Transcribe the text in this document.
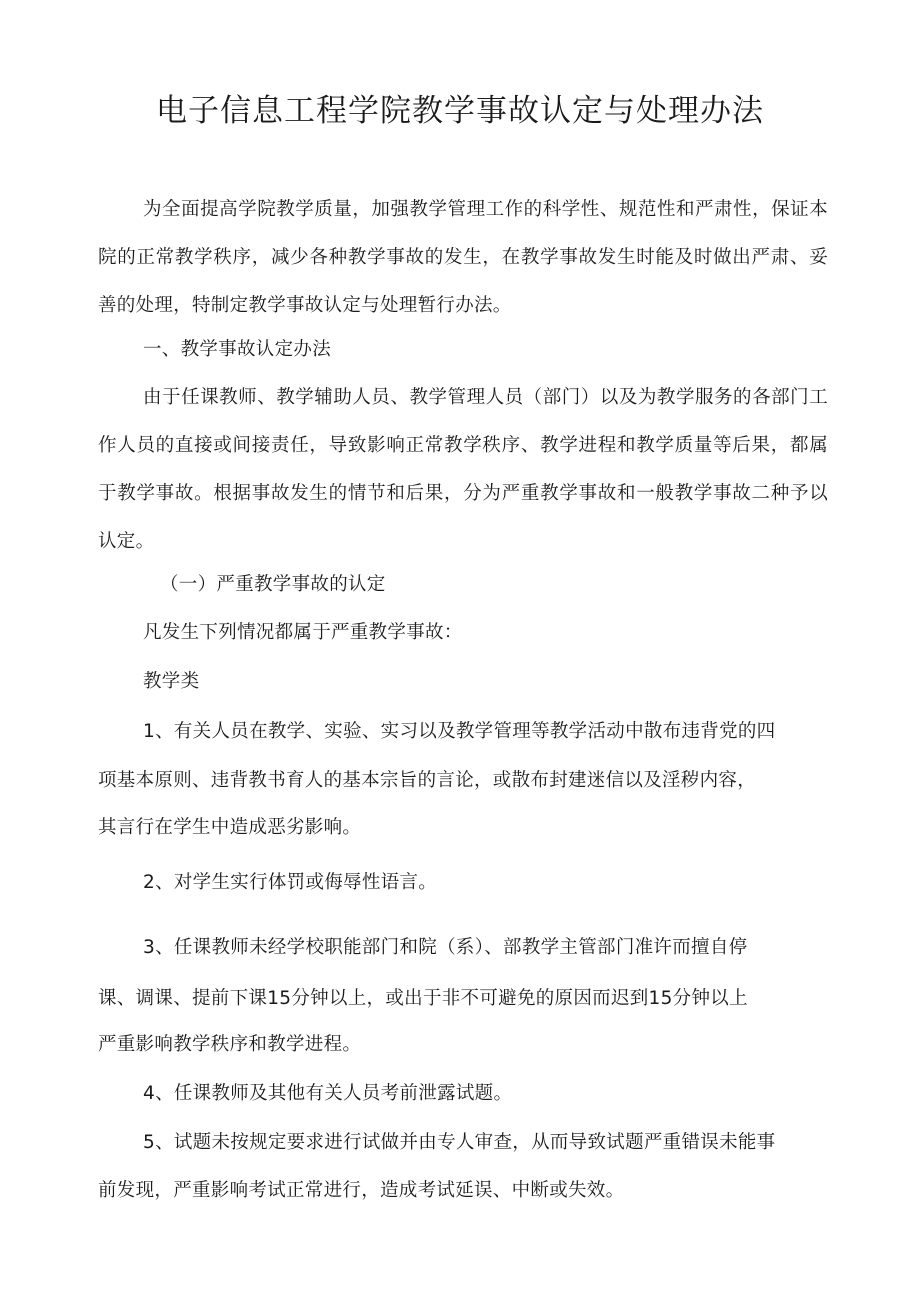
电子信息工程学院教学事故认定与处理办法

为全面提高学院教学质量，加强教学管理工作的科学性、规范性和严肃性，保证本院的正常教学秩序，减少各种教学事故的发生，在教学事故发生时能及时做出严肃、妥善的处理，特制定教学事故认定与处理暂行办法。

一、教学事故认定办法

由于任课教师、教学辅助人员、教学管理人员（部门）以及为教学服务的各部门工作人员的直接或间接责任，导致影响正常教学秩序、教学进程和教学质量等后果，都属于教学事故。根据事故发生的情节和后果，分为严重教学事故和一般教学事故二种予以认定。

（一）严重教学事故的认定

凡发生下列情况都属于严重教学事故：

教学类

1、有关人员在教学、实验、实习以及教学管理等教学活动中散布违背党的四

项基本原则、违背教书育人的基本宗旨的言论，或散布封建迷信以及淫秽内容，

其言行在学生中造成恶劣影响。

2、对学生实行体罚或侮辱性语言。

3、任课教师未经学校职能部门和院（系）、部教学主管部门准许而擅自停

课、调课、提前下课15分钟以上，或出于非不可避免的原因而迟到15分钟以上

严重影响教学秩序和教学进程。

4、任课教师及其他有关人员考前泄露试题。

5、试题未按规定要求进行试做并由专人审查，从而导致试题严重错误未能事

前发现，严重影响考试正常进行，造成考试延误、中断或失效。
